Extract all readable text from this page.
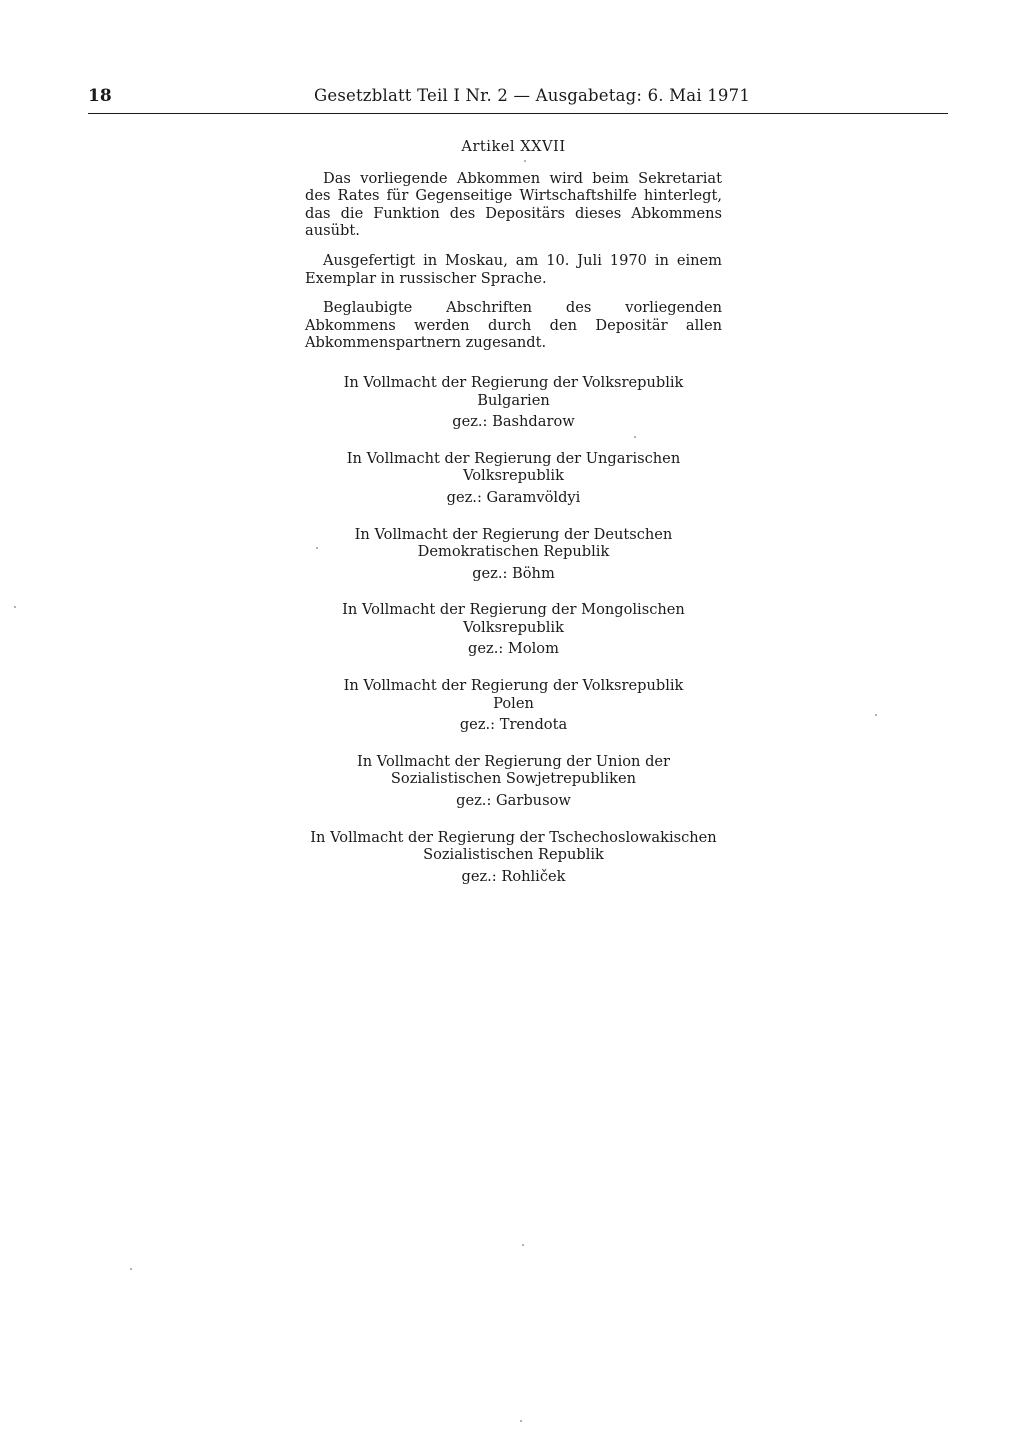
18	Gesetzblatt Teil I Nr. 2 — Ausgabetag: 6. Mai 1971
Artikel XXVII

Das vorliegende Abkommen wird beim Sekretariat des Rates für Gegenseitige Wirtschaftshilfe hinterlegt, das die Funktion des Depositärs dieses Abkommens ausübt.

Ausgefertigt in Moskau, am 10. Juli 1970 in einem Exemplar in russischer Sprache.

Beglaubigte Abschriften des vorliegenden Abkommens werden durch den Depositär allen Abkommenspartnern zugesandt.

In Vollmacht der Regierung der Volksrepublik
Bulgarien
gez.: Bashdarow
In Vollmacht der Regierung der Ungarischen
Volksrepublik
gez.: Garamvöldyi
In Vollmacht der Regierung der Deutschen
Demokratischen Republik
gez.: Böhm
In Vollmacht der Regierung der Mongolischen
Volksrepublik
gez.: Molom
In Vollmacht der Regierung der Volksrepublik
Polen
gez.: Trendota
In Vollmacht der Regierung der Union der
Sozialistischen Sowjetrepubliken
gez.: Garbusow
In Vollmacht der Regierung der Tschechoslowakischen
Sozialistischen Republik
gez.: Rohliček
